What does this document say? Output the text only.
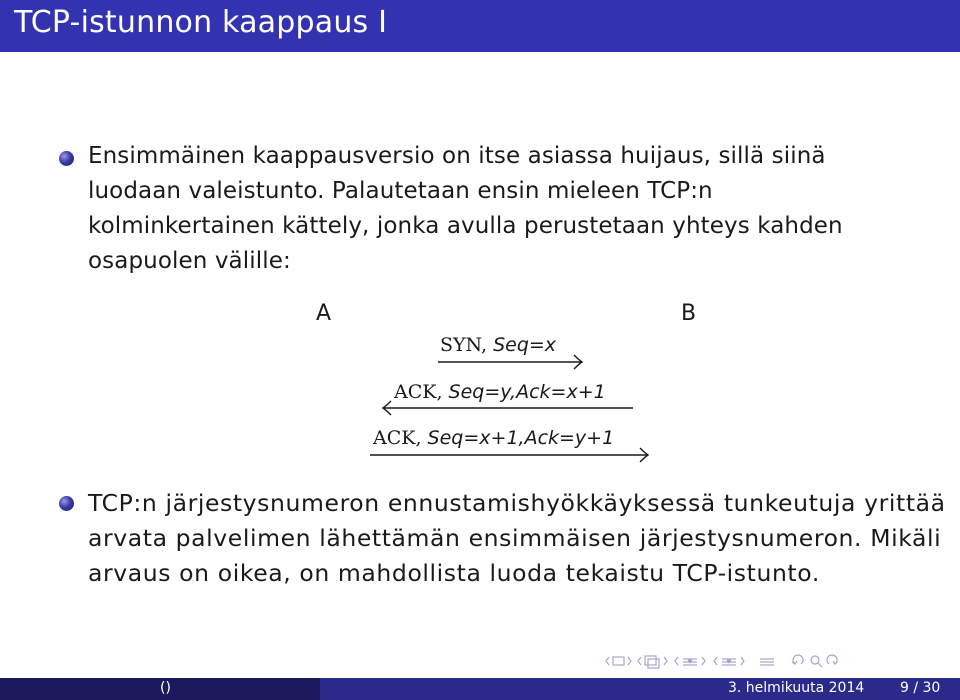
TCP-istunnon kaappaus I
Ensimmäinen kaappausversio on itse asiassa huijaus, sillä siinä
luodaan valeistunto. Palautetaan ensin mieleen TCP:n
kolminkertainen kättely, jonka avulla perustetaan yhteys kahden
osapuolen välille:
A	B
SYN, Seq=x
ACK, Seq=y,Ack=x+1
ACK, Seq=x+1,Ack=y+1
TCP:n järjestysnumeron ennustamishyökkäyksessä tunkeutuja yrittää
arvata palvelimen lähettämän ensimmäisen järjestysnumeron. Mikäli
arvaus on oikea, on mahdollista luoda tekaistu TCP-istunto.
()	3. helmikuuta 2014	9 / 30
